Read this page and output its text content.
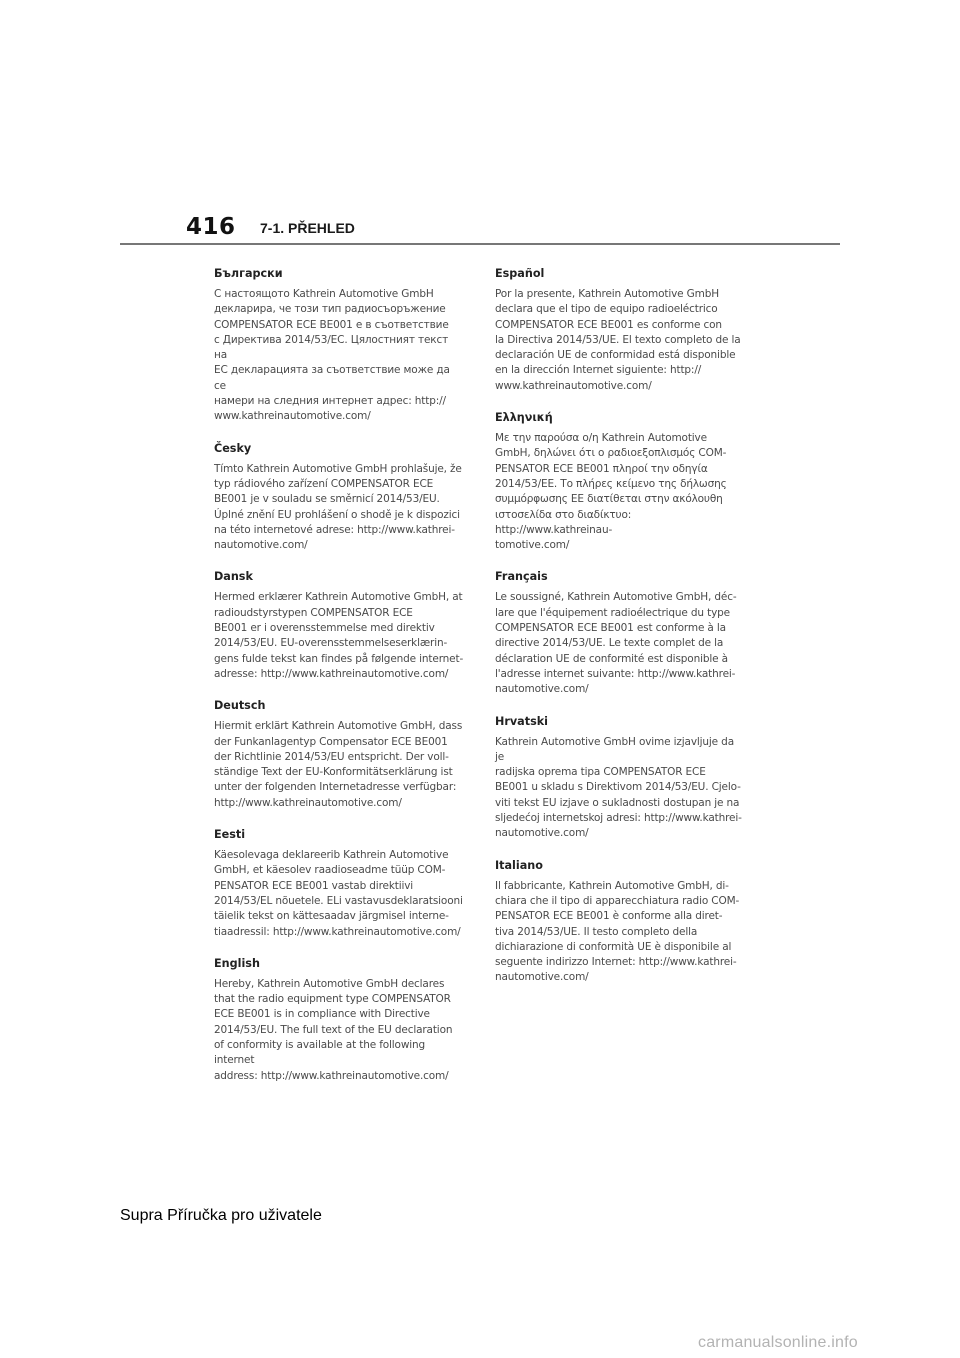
416 7-1. PŘEHLED
Български

С настоящото Kathrein Automotive GmbH
декларира, че този тип радиосъоръжение
COMPENSATOR ECE BE001 е в съответствие
с Директива 2014/53/ЕС. Цялостният текст на
ЕС декларацията за съответствие може да се
намери на следния интернет адрес: http://
www.kathreinautomotive.com/

Česky

Tímto Kathrein Automotive GmbH prohlašuje, že
typ rádiového zařízení COMPENSATOR ECE
BE001 je v souladu se směrnicí 2014/53/EU.
Úplné znění EU prohlášení o shodě je k dispozici
na této internetové adrese: http://www.kathrei-
nautomotive.com/

Dansk

Hermed erklærer Kathrein Automotive GmbH, at
radioudstyrstypen COMPENSATOR ECE
BE001 er i overensstemmelse med direktiv
2014/53/EU. EU-overensstemmelseserklærin-
gens fulde tekst kan findes på følgende internet-
adresse: http://www.kathreinautomotive.com/

Deutsch

Hiermit erklärt Kathrein Automotive GmbH, dass
der Funkanlagentyp Compensator ECE BE001
der Richtlinie 2014/53/EU entspricht. Der voll-
ständige Text der EU-Konformitätserklärung ist
unter der folgenden Internetadresse verfügbar:
http://www.kathreinautomotive.com/

Eesti

Käesolevaga deklareerib Kathrein Automotive
GmbH, et käesolev raadioseadme tüüp COM-
PENSATOR ECE BE001 vastab direktiivi
2014/53/EL nõuetele. ELi vastavusdeklaratsiooni
täielik tekst on kättesaadav järgmisel interne-
tiaadressil: http://www.kathreinautomotive.com/

English

Hereby, Kathrein Automotive GmbH declares
that the radio equipment type COMPENSATOR
ECE BE001 is in compliance with Directive
2014/53/EU. The full text of the EU declaration
of conformity is available at the following internet
address: http://www.kathreinautomotive.com/

Español

Por la presente, Kathrein Automotive GmbH
declara que el tipo de equipo radioeléctrico
COMPENSATOR ECE BE001 es conforme con
la Directiva 2014/53/UE. El texto completo de la
declaración UE de conformidad está disponible
en la dirección Internet siguiente: http://
www.kathreinautomotive.com/

Ελληνική

Με την παρούσα ο/η Kathrein Automotive
GmbH, δηλώνει ότι ο ραδιοεξοπλισμός COM-
PENSATOR ECE BE001 πληροί την οδηγία
2014/53/ΕΕ. Το πλήρες κείμενο της δήλωσης
συμμόρφωσης ΕΕ διατίθεται στην ακόλουθη
ιστοσελίδα στο διαδίκτυο: http://www.kathreinau-
tomotive.com/

Français

Le soussigné, Kathrein Automotive GmbH, déc-
lare que l'équipement radioélectrique du type
COMPENSATOR ECE BE001 est conforme à la
directive 2014/53/UE. Le texte complet de la
déclaration UE de conformité est disponible à
l'adresse internet suivante: http://www.kathrei-
nautomotive.com/

Hrvatski

Kathrein Automotive GmbH ovime izjavljuje da je
radijska oprema tipa COMPENSATOR ECE
BE001 u skladu s Direktivom 2014/53/EU. Cjelo-
viti tekst EU izjave o sukladnosti dostupan je na
sljedećoj internetskoj adresi: http://www.kathrei-
nautomotive.com/

Italiano

Il fabbricante, Kathrein Automotive GmbH, di-
chiara che il tipo di apparecchiatura radio COM-
PENSATOR ECE BE001 è conforme alla diret-
tiva 2014/53/UE. Il testo completo della
dichiarazione di conformità UE è disponibile al
seguente indirizzo Internet: http://www.kathrei-
nautomotive.com/

Supra Příručka pro uživatele
carmanualsonline.info
